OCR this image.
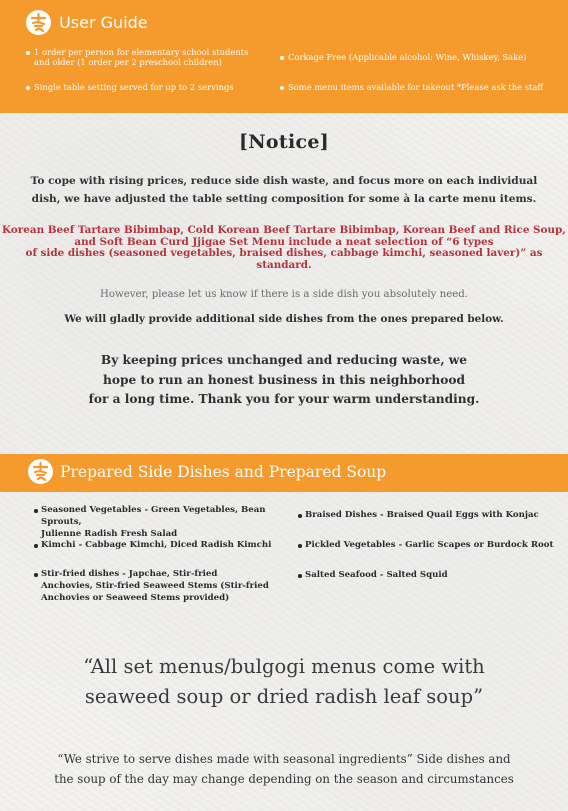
User Guide
1 order per person for elementary school students and older (1 order per 2 preschool children)	Corkage Free (Applicable alcohol: Wine, Whiskey, Sake)
Single table setting served for up to 2 servings	Some menu items available for takeout *Please ask the staff
[Notice]
To cope with rising prices, reduce side dish waste, and focus more on each individual
dish, we have adjusted the table setting composition for some à la carte menu items.
Korean Beef Tartare Bibimbap, Cold Korean Beef Tartare Bibimbap, Korean Beef and Rice Soup,
and Soft Bean Curd Jjigae Set Menu include a neat selection of “6 types
of side dishes (seasoned vegetables, braised dishes, cabbage kimchi, seasoned laver)” as standard.
However, please let us know if there is a side dish you absolutely need.
We will gladly provide additional side dishes from the ones prepared below.
By keeping prices unchanged and reducing waste, we
hope to run an honest business in this neighborhood
for a long time. Thank you for your warm understanding.
Prepared Side Dishes and Prepared Soup
Seasoned Vegetables - Green Vegetables, Bean Sprouts,
Julienne Radish Fresh Salad
Kimchi - Cabbage Kimchi, Diced Radish Kimchi
Stir-fried dishes - Japchae, Stir-fried
Anchovies, Stir-fried Seaweed Stems (Stir-fried
Anchovies or Seaweed Stems provided)
Braised Dishes - Braised Quail Eggs with Konjac
Pickled Vegetables - Garlic Scapes or Burdock Root
Salted Seafood - Salted Squid
“All set menus/bulgogi menus come with
seaweed soup or dried radish leaf soup”
“We strive to serve dishes made with seasonal ingredients” Side dishes and
the soup of the day may change depending on the season and circumstances
